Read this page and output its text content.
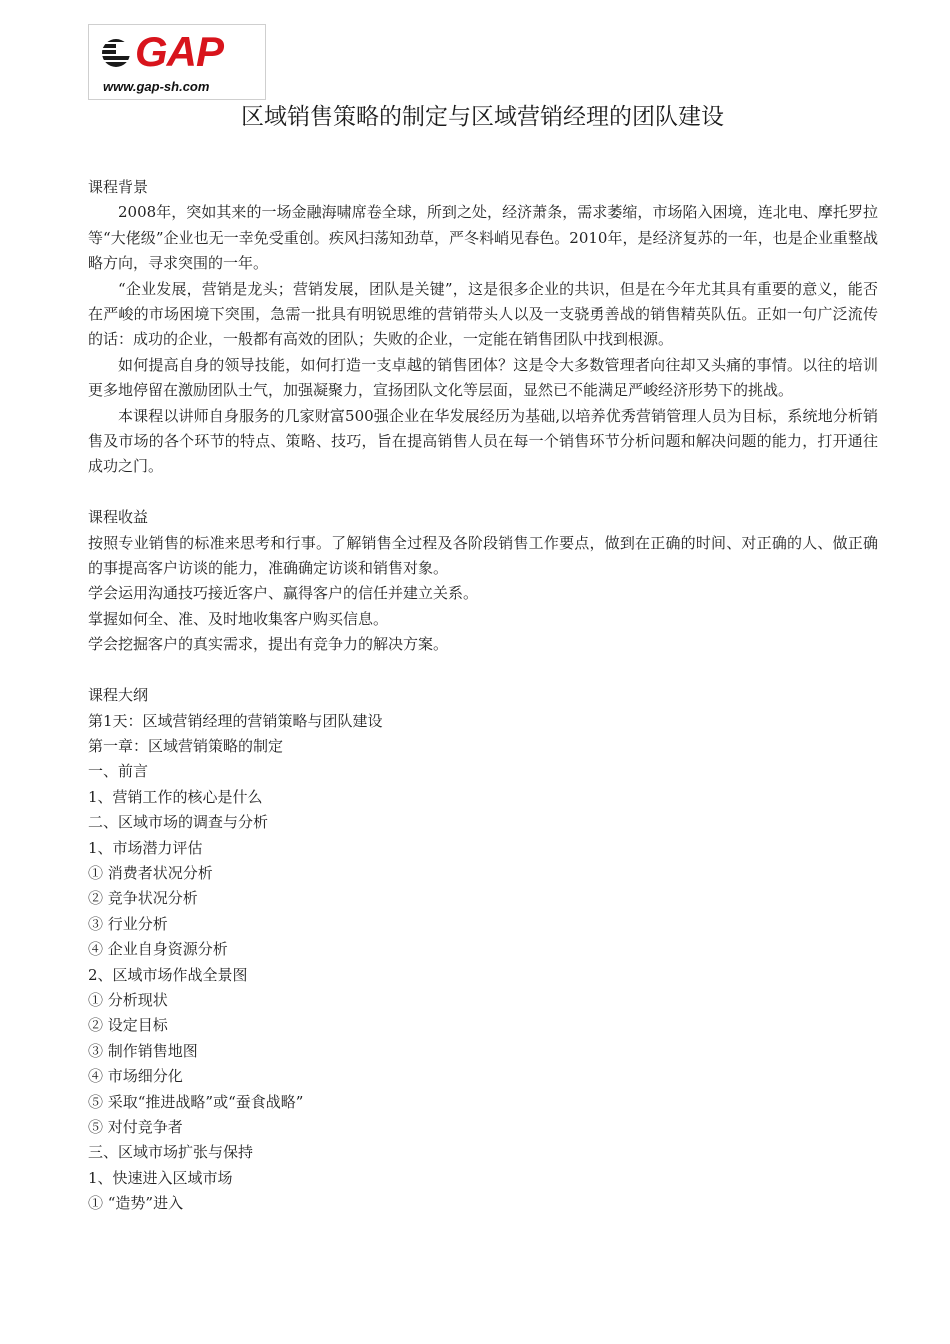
GAP
www.gap-sh.com
区域销售策略的制定与区域营销经理的团队建设

课程背景

2008年，突如其来的一场金融海啸席卷全球，所到之处，经济萧条，需求萎缩，市场陷入困境，连北电、摩托罗拉等“大佬级”企业也无一幸免受重创。疾风扫荡知劲草，严冬料峭见春色。2010年，是经济复苏的一年，也是企业重整战略方向，寻求突围的一年。

“企业发展，营销是龙头；营销发展，团队是关键”，这是很多企业的共识，但是在今年尤其具有重要的意义，能否在严峻的市场困境下突围，急需一批具有明锐思维的营销带头人以及一支骁勇善战的销售精英队伍。正如一句广泛流传的话：成功的企业，一般都有高效的团队；失败的企业，一定能在销售团队中找到根源。

如何提高自身的领导技能，如何打造一支卓越的销售团体？这是令大多数管理者向往却又头痛的事情。以往的培训更多地停留在激励团队士气，加强凝聚力，宣扬团队文化等层面，显然已不能满足严峻经济形势下的挑战。

本课程以讲师自身服务的几家财富500强企业在华发展经历为基础,以培养优秀营销管理人员为目标，系统地分析销售及市场的各个环节的特点、策略、技巧，旨在提高销售人员在每一个销售环节分析问题和解决问题的能力，打开通往成功之门。

课程收益

按照专业销售的标准来思考和行事。了解销售全过程及各阶段销售工作要点，做到在正确的时间、对正确的人、做正确的事提高客户访谈的能力，准确确定访谈和销售对象。

学会运用沟通技巧接近客户、赢得客户的信任并建立关系。

掌握如何全、准、及时地收集客户购买信息。

学会挖掘客户的真实需求，提出有竞争力的解决方案。

课程大纲

第1天：区域营销经理的营销策略与团队建设

第一章：区域营销策略的制定

一、前言

1、营销工作的核心是什么

二、区域市场的调查与分析

1、市场潜力评估

① 消费者状况分析

② 竞争状况分析

③ 行业分析

④ 企业自身资源分析

2、区域市场作战全景图

① 分析现状

② 设定目标

③ 制作销售地图

④ 市场细分化

⑤ 采取“推进战略”或“蚕食战略”

⑤ 对付竞争者

三、区域市场扩张与保持

1、快速进入区域市场

① “造势”进入
